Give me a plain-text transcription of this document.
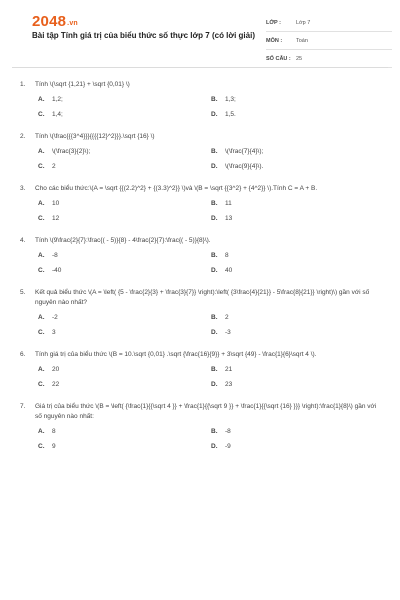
2048.vn
Bài tập Tính giá trị của biểu thức số thực lớp 7 (có lời giải)
LỚP :	Lớp 7
MÔN :	Toán
SỐ CÂU : 25
1.	Tính \(\sqrt {1,21} + \sqrt {0,01} \)
A.	1,2;	B.	1,3;
C.	1,4;	D.	1,5.
2.	Tính \(\frac{{{3^4}}}{{{{12}^2}}}.\sqrt {16} \)
A.	\(\frac{3}{2}\);	B.	\(\frac{7}{4}\);
C.	2	D.	\(\frac{9}{4}\).
3.	Cho các biểu thức:\(A = \sqrt {{(2.2)^2} + {(3.3)^2}} \)và \(B = \sqrt {{3^2} + {4^2}} \).Tính C = A + B.
A.	10	B.	11
C.	12	D.	13
4.	Tính \(9\frac{2}{7}:\frac{( - 5)}{8} - 4\frac{2}{7}:\frac{( - 5)}{8}\).
A.	-8	B.	8
C.	-40	D.	40
5.	Kết quả biểu thức \(A = \left( {5 - \frac{2}{3} + \frac{3}{7}} \right):\left( {3\frac{4}{21}} - 5\frac{8}{21}} \right)\) gần với số nguyên nào nhất?
A.	-2	B.	2
C.	3	D.	-3
6.	Tính giá trị của biểu thức \(B = 10.\sqrt {0,01} .\sqrt {\frac{16}{9}} + 3\sqrt {49} - \frac{1}{6}\sqrt 4 \).
A.	20	B.	21
C.	22	D.	23
7.	Giá trị của biểu thức \(B = \left( {\frac{1}{{\sqrt 4 }} + \frac{1}{{\sqrt 9 }} + \frac{1}{{\sqrt {16} }}} \right):\frac{1}{8}\) gần với số nguyên nào nhất:
A.	8	B.	-8
C.	9	D.	-9
